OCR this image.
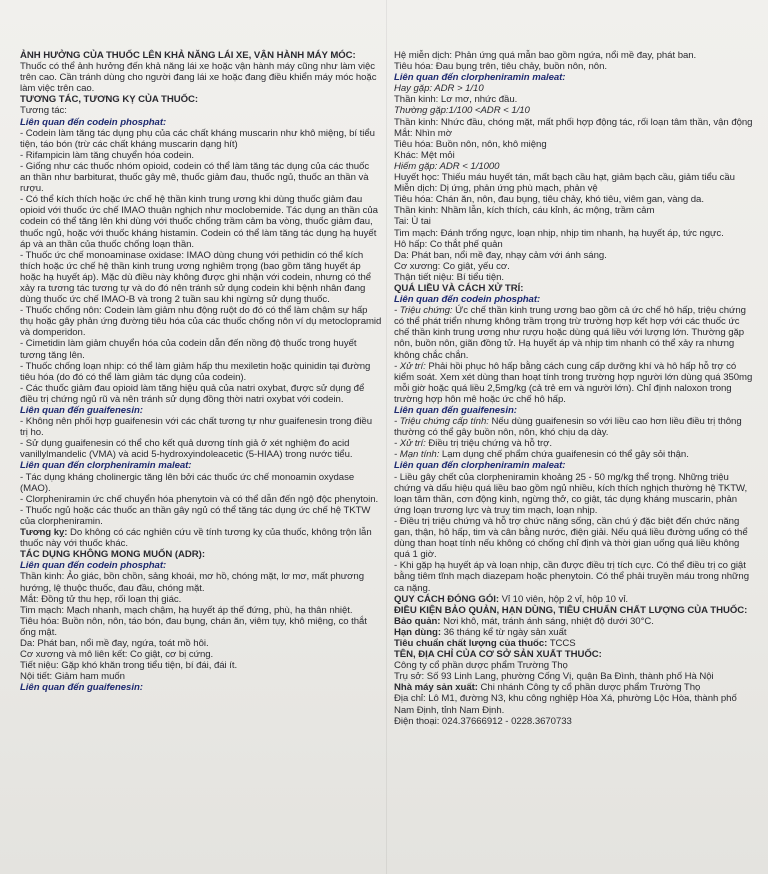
ẢNH HƯỞNG CỦA THUỐC LÊN KHẢ NĂNG LÁI XE, VẬN HÀNH MÁY MÓC:

Thuốc có thể ảnh hưởng đến khả năng lái xe hoặc vận hành máy cũng như làm việc trên cao. Cần tránh dùng cho người đang lái xe hoặc đang điều khiển máy móc hoặc làm việc trên cao.

TƯƠNG TÁC, TƯƠNG KỴ CỦA THUỐC:

Tương tác:

Liên quan đến codein phosphat:

- Codein làm tăng tác dụng phụ của các chất kháng muscarin như khô miệng, bí tiểu tiện, táo bón (trừ các chất kháng muscarin dạng hít)

- Rifampicin làm tăng chuyển hóa codein.

- Giống như các thuốc nhóm opioid, codein có thể làm tăng tác dụng của các thuốc an thần như barbiturat, thuốc gây mê, thuốc giảm đau, thuốc ngủ, thuốc an thần và rượu.

- Có thể kích thích hoặc ức chế hệ thần kinh trung ương khi dùng thuốc giảm đau opioid với thuốc ức chế IMAO thuận nghịch như moclobemide. Tác dụng an thần của codein có thể tăng lên khi dùng với thuốc chống trầm cảm ba vòng, thuốc giảm đau, thuốc ngủ, hoặc với thuốc kháng histamin. Codein có thể làm tăng tác dụng hạ huyết áp và an thần của thuốc chống loạn thần.

- Thuốc ức chế monoaminase oxidase: IMAO dùng chung với pethidin có thể kích thích hoặc ức chế hệ thần kinh trung ương nghiêm trọng (bao gồm tăng huyết áp hoặc hạ huyết áp). Mặc dù điều này không được ghi nhận với codein, nhưng có thể xảy ra tương tác tương tự và do đó nên tránh sử dụng codein khi bệnh nhân đang dùng thuốc ức chế IMAO-B và trong 2 tuần sau khi ngừng sử dụng thuốc.

- Thuốc chống nôn: Codein làm giảm nhu động ruột do đó có thể làm chậm sự hấp thụ hoặc gây phản ứng đường tiêu hóa của các thuốc chống nôn ví dụ metoclopramid và domperidon.

- Cimetidin làm giảm chuyển hóa của codein dẫn đến nồng độ thuốc trong huyết tương tăng lên.

- Thuốc chống loạn nhịp: có thể làm giảm hấp thu mexiletin hoặc quinidin tại đường tiêu hóa (do đó có thể làm giảm tác dụng của codein).

- Các thuốc giảm đau opioid làm tăng hiệu quả của natri oxybat, được sử dụng để điều trị chứng ngủ rũ và nên tránh sử dụng đồng thời natri oxybat với codein.

Liên quan đến guaifenesin:

- Không nên phối hợp guaifenesin với các chất tương tự như guaifenesin trong điều trị ho.

- Sử dụng guaifenesin có thể cho kết quả dương tính giả ở xét nghiệm đo acid vanillylmandelic (VMA) và acid 5-hydroxyindoleacetic (5-HIAA) trong nước tiểu.

Liên quan đến clorpheniramin maleat:

- Tác dụng kháng cholinergic tăng lên bởi các thuốc ức chế monoamin oxydase (MAO).

- Clorpheniramin ức chế chuyển hóa phenytoin và có thể dẫn đến ngộ độc phenytoin.

- Thuốc ngủ hoặc các thuốc an thần gây ngủ có thể tăng tác dụng ức chế hệ TKTW của clorpheniramin.

Tương kỵ: Do không có các nghiên cứu về tính tương kỵ của thuốc, không trộn lẫn thuốc này với thuốc khác.

TÁC DỤNG KHÔNG MONG MUỐN (ADR):

Liên quan đến codein phosphat:

Thần kinh: Ảo giác, bồn chồn, sảng khoái, mơ hồ, chóng mặt, lơ mơ, mất phương hướng, lệ thuộc thuốc, đau đầu, chóng mặt.

Mắt: Đồng tử thu hẹp, rối loạn thị giác.

Tim mạch: Mạch nhanh, mạch chậm, hạ huyết áp thế đứng, phù, hạ thân nhiệt.

Tiêu hóa: Buồn nôn, nôn, táo bón, đau bụng, chán ăn, viêm tụy, khô miệng, co thắt ống mật.

Da: Phát ban, nổi mề đay, ngứa, toát mồ hôi.

Cơ xương và mô liên kết: Co giật, cơ bị cứng.

Tiết niệu: Gặp khó khăn trong tiểu tiện, bí đái, đái ít.

Nội tiết: Giảm ham muốn

Liên quan đến guaifenesin:

Hệ miễn dịch: Phản ứng quá mẫn bao gồm ngứa, nổi mề đay, phát ban.

Tiêu hóa: Đau bụng trên, tiêu chảy, buồn nôn, nôn.

Liên quan đến clorpheniramin maleat:

Hay gặp: ADR > 1/10

Thần kinh: Lơ mơ, nhức đầu.

Thường gặp:1/100 <ADR < 1/10

Thần kinh: Nhức đầu, chóng mặt, mất phối hợp động tác, rối loạn tâm thần, vận động

Mắt: Nhìn mờ

Tiêu hóa: Buồn nôn, nôn, khô miệng

Khác: Mệt mỏi

Hiếm gặp: ADR < 1/1000

Huyết học: Thiếu máu huyết tán, mất bạch cầu hạt, giảm bạch cầu, giảm tiểu cầu

Miễn dịch: Dị ứng, phản ứng phù mạch, phản vệ

Tiêu hóa: Chán ăn, nôn, đau bụng, tiêu chảy, khó tiêu, viêm gan, vàng da.

Thần kinh: Nhầm lẫn, kích thích, cáu kỉnh, ác mộng, trầm cảm

Tai: Ù tai

Tim mạch: Đánh trống ngực, loạn nhịp, nhịp tim nhanh, hạ huyết áp, tức ngực.

Hô hấp: Co thắt phế quản

Da: Phát ban, nổi mề đay, nhạy cảm với ánh sáng.

Cơ xương: Co giật, yếu cơ.

Thận tiết niệu: Bí tiểu tiện.

QUÁ LIỀU VÀ CÁCH XỬ TRÍ:

Liên quan đến codein phosphat:

- Triệu chứng: Ức chế thần kinh trung ương bao gồm cả ức chế hô hấp, triệu chứng có thể phát triển nhưng không trầm trọng trừ trường hợp kết hợp với các thuốc ức chế thần kinh trung ương như rượu hoặc dùng quá liều với lượng lớn. Thường gặp nôn, buồn nôn, giãn đồng tử. Hạ huyết áp và nhịp tim nhanh có thể xảy ra nhưng không chắc chắn.

- Xử trí: Phải hồi phục hô hấp bằng cách cung cấp dưỡng khí và hô hấp hỗ trợ có kiểm soát. Xem xét dùng than hoạt tính trong trường hợp người lớn dùng quá 350mg mỗi giờ hoặc quá liều 2,5mg/kg (cả trẻ em và người lớn). Chỉ định naloxon trong trường hợp hôn mê hoặc ức chế hô hấp.

Liên quan đến guaifenesin:

- Triệu chứng cấp tính: Nếu dùng guaifenesin so với liều cao hơn liều điều trị thông thường có thể gây buồn nôn, nôn, khó chịu dạ dày.

- Xử trí: Điều trị triệu chứng và hỗ trợ.

- Mạn tính: Lạm dụng chế phẩm chứa guaifenesin có thể gây sỏi thận.

Liên quan đến clorpheniramin maleat:

- Liều gây chết của clorpheniramin khoảng 25 - 50 mg/kg thể trọng. Những triệu chứng và dấu hiệu quá liều bao gồm ngủ nhiều, kích thích nghịch thường hệ TKTW, loạn tâm thần, cơn động kinh, ngừng thở, co giật, tác dụng kháng muscarin, phản ứng loạn trương lực và truỵ tim mạch, loạn nhịp.

- Điều trị triệu chứng và hỗ trợ chức năng sống, cần chú ý đặc biệt đến chức năng gan, thận, hô hấp, tim và cân bằng nước, điện giải. Nếu quá liều đường uống có thể dùng than hoạt tính nếu không có chống chỉ định và thời gian uống quá liều không quá 1 giờ.

- Khi gặp hạ huyết áp và loạn nhịp, cần được điều trị tích cực. Có thể điều trị co giật bằng tiêm tĩnh mạch diazepam hoặc phenytoin. Có thể phải truyền máu trong những ca nặng.

QUY CÁCH ĐÓNG GÓI: Vỉ 10 viên, hộp 2 vỉ, hộp 10 vỉ.

ĐIỀU KIỆN BẢO QUẢN, HẠN DÙNG, TIÊU CHUẨN CHẤT LƯỢNG CỦA THUỐC:

Bảo quản: Nơi khô, mát, tránh ánh sáng, nhiệt độ dưới 30°C.

Hạn dùng: 36 tháng kể từ ngày sản xuất

Tiêu chuẩn chất lượng của thuốc: TCCS

TÊN, ĐỊA CHỈ CỦA CƠ SỞ SẢN XUẤT THUỐC:

Công ty cổ phần dược phẩm Trường Thọ

Trụ sở: Số 93 Linh Lang, phường Cống Vị, quận Ba Đình, thành phố Hà Nội

Nhà máy sản xuất: Chi nhánh Công ty cổ phần dược phẩm Trường Thọ

Địa chỉ: Lô M1, đường N3, khu công nghiệp Hòa Xá, phường Lộc Hòa, thành phố Nam Định, tỉnh Nam Định.

Điện thoại: 024.37666912 - 0228.3670733
